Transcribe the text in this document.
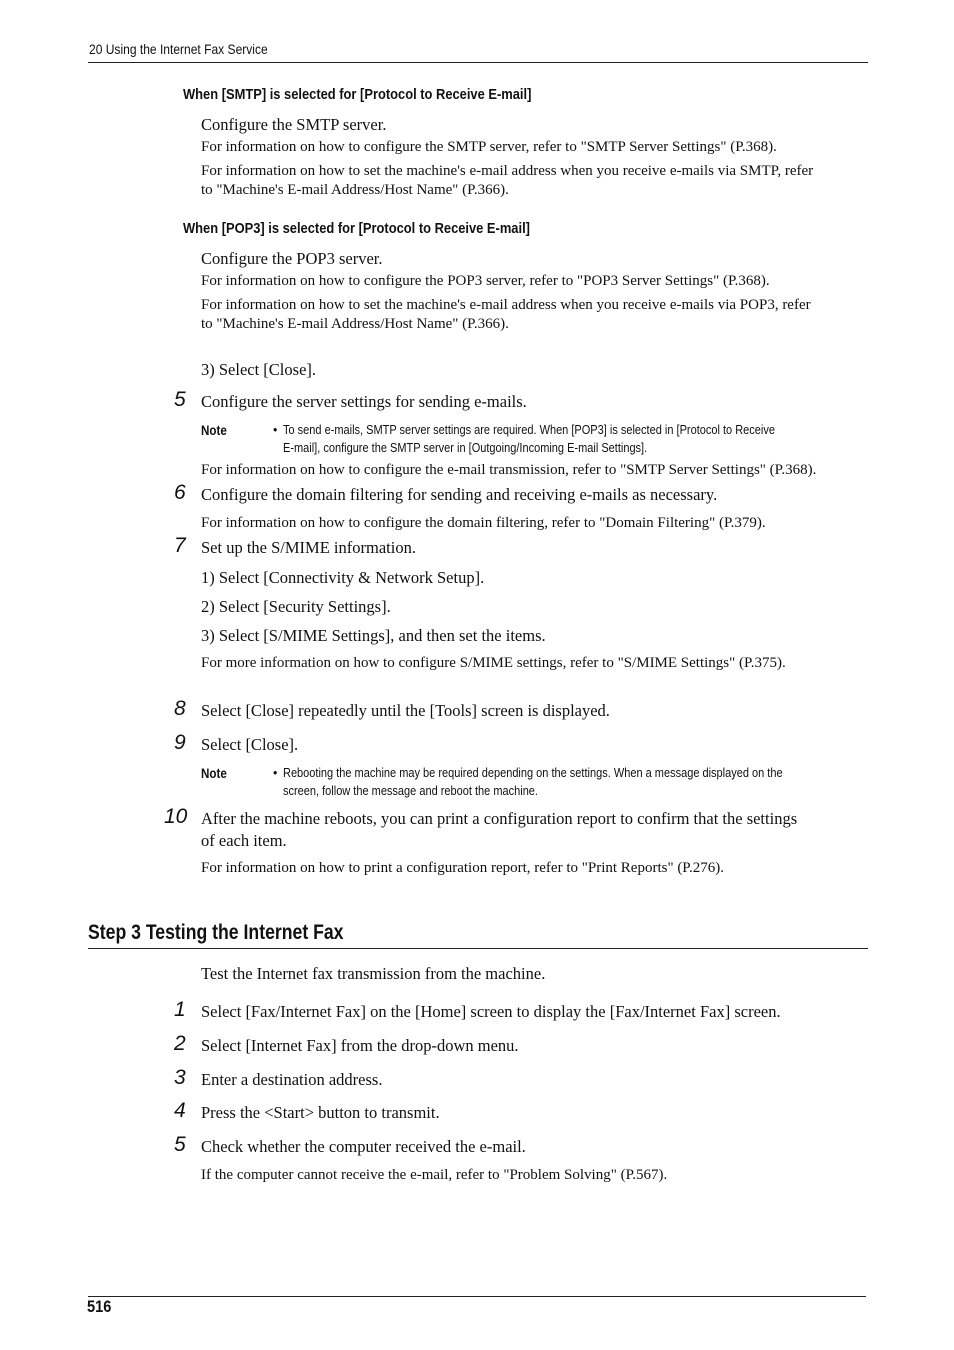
20 Using the Internet Fax Service
When [SMTP] is selected for [Protocol to Receive E-mail]
Configure the SMTP server.
For information on how to configure the SMTP server, refer to "SMTP Server Settings" (P.368).
For information on how to set the machine's e-mail address when you receive e-mails via SMTP, refer
to "Machine's E-mail Address/Host Name" (P.366).
When [POP3] is selected for [Protocol to Receive E-mail]
Configure the POP3 server.
For information on how to configure the POP3 server, refer to "POP3 Server Settings" (P.368).
For information on how to set the machine's e-mail address when you receive e-mails via POP3, refer
to "Machine's E-mail Address/Host Name" (P.366).
3) Select [Close].
5 Configure the server settings for sending e-mails.
Note	• To send e-mails, SMTP server settings are required. When [POP3] is selected in [Protocol to Receive
E-mail], configure the SMTP server in [Outgoing/Incoming E-mail Settings].
For information on how to configure the e-mail transmission, refer to "SMTP Server Settings" (P.368).
6 Configure the domain filtering for sending and receiving e-mails as necessary.
For information on how to configure the domain filtering, refer to "Domain Filtering" (P.379).
7 Set up the S/MIME information.
1) Select [Connectivity & Network Setup].
2) Select [Security Settings].
3) Select [S/MIME Settings], and then set the items.
For more information on how to configure S/MIME settings, refer to "S/MIME Settings" (P.375).
8 Select [Close] repeatedly until the [Tools] screen is displayed.
9 Select [Close].
Note	• Rebooting the machine may be required depending on the settings. When a message displayed on the
screen, follow the message and reboot the machine.
10 After the machine reboots, you can print a configuration report to confirm that the settings
of each item.
For information on how to print a configuration report, refer to "Print Reports" (P.276).
Step 3 Testing the Internet Fax
Test the Internet fax transmission from the machine.
1 Select [Fax/Internet Fax] on the [Home] screen to display the [Fax/Internet Fax] screen.
2 Select [Internet Fax] from the drop-down menu.
3 Enter a destination address.
4 Press the <Start> button to transmit.
5 Check whether the computer received the e-mail.
If the computer cannot receive the e-mail, refer to "Problem Solving" (P.567).
516
